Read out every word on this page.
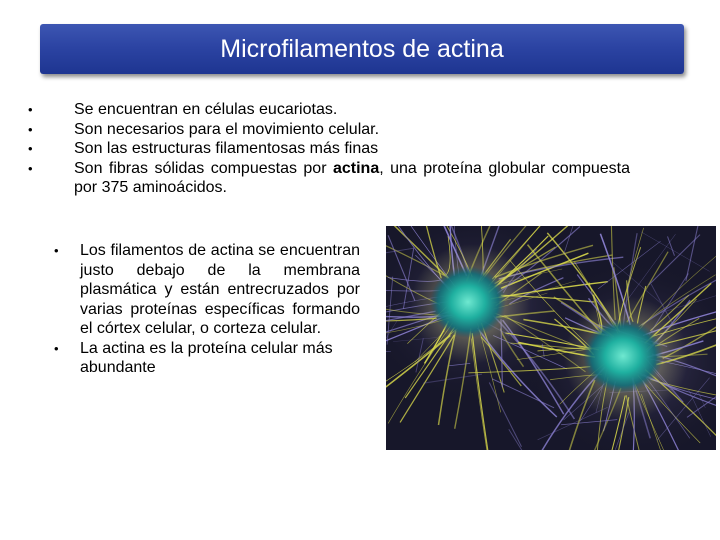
Microfilamentos de actina
•	Se encuentran en células eucariotas.
•	Son necesarios para el movimiento celular.
•	Son las estructuras filamentosas más finas
•	Son fibras sólidas compuestas por actina, una proteína globular compuesta por 375 aminoácidos.
• Los filamentos de actina se encuentran justo debajo de la membrana plasmática y están entrecruzados por varias proteínas específicas formando el córtex celular, o corteza celular.
• La actina es la proteína celular más abundante
